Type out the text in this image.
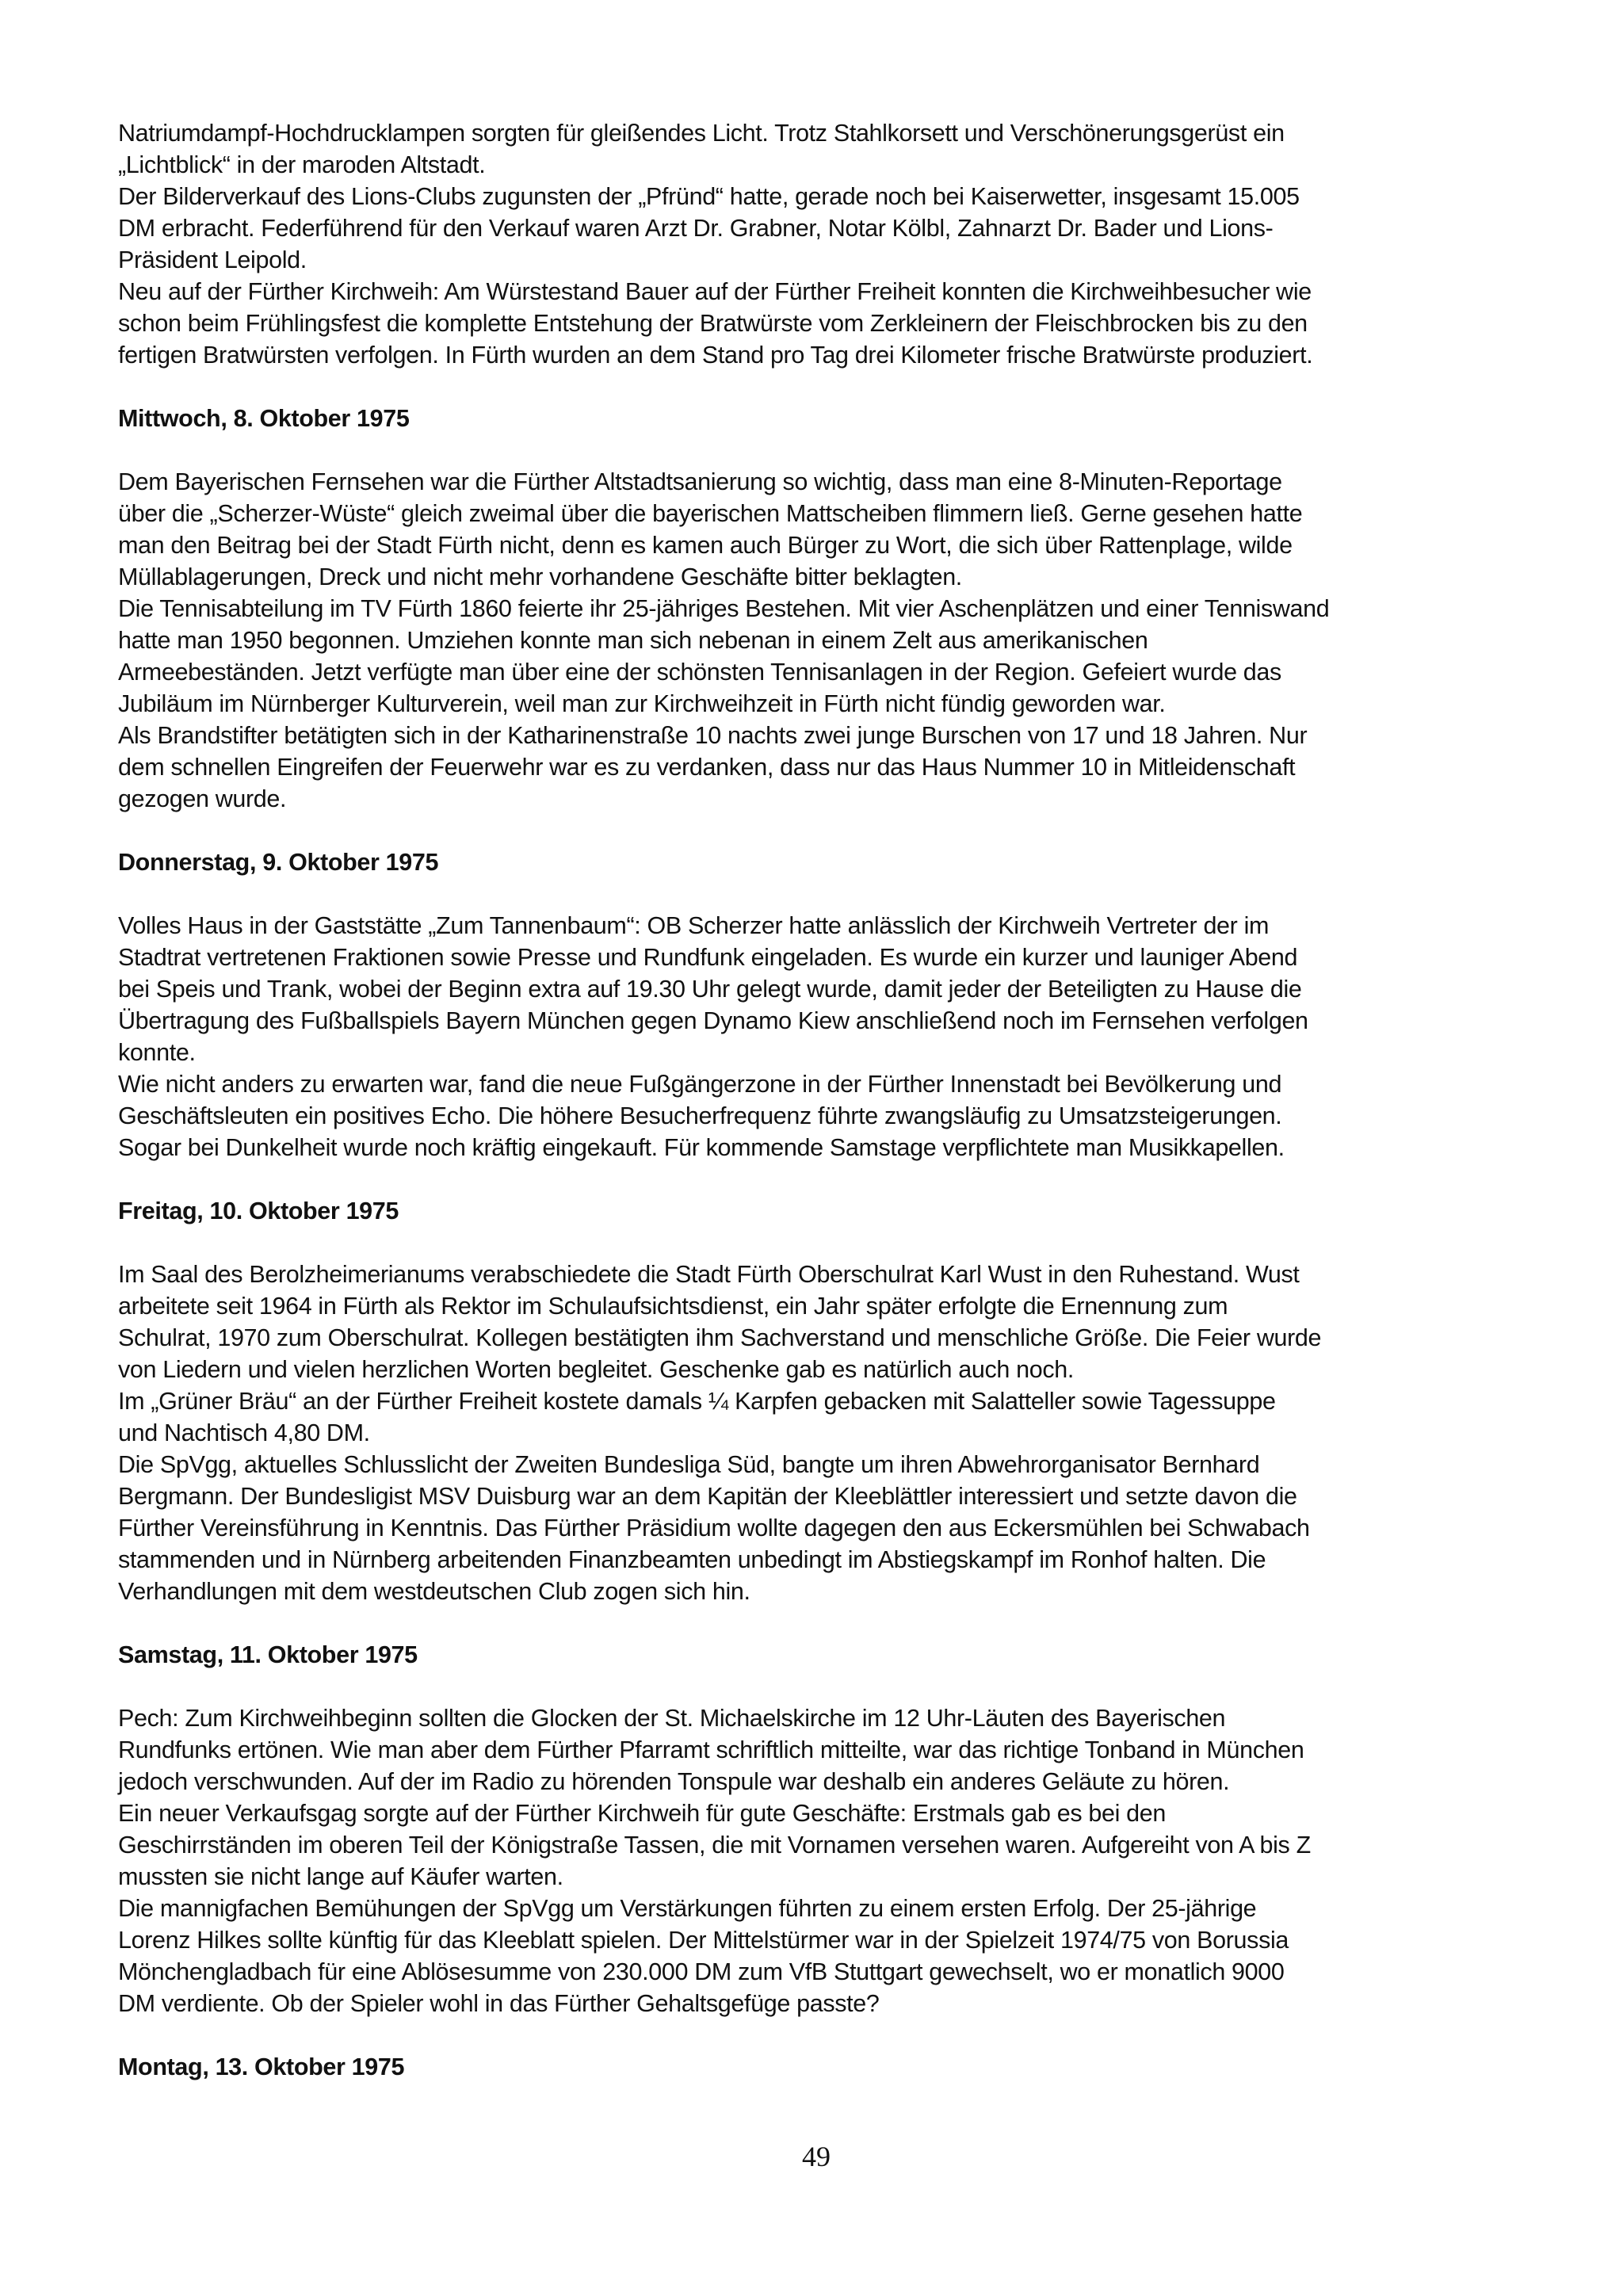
Natriumdampf-Hochdrucklampen sorgten für gleißendes Licht. Trotz Stahlkorsett und Verschönerungsgerüst ein
„Lichtblick“ in der maroden Altstadt.
Der Bilderverkauf des Lions-Clubs zugunsten der „Pfründ“ hatte, gerade noch bei Kaiserwetter, insgesamt 15.005
DM erbracht. Federführend für den Verkauf waren Arzt Dr. Grabner, Notar Kölbl, Zahnarzt Dr. Bader und Lions-
Präsident Leipold.
Neu auf der Fürther Kirchweih: Am Würstestand Bauer auf der Fürther Freiheit konnten die Kirchweihbesucher wie
schon beim Frühlingsfest die komplette Entstehung der Bratwürste vom Zerkleinern der Fleischbrocken bis zu den
fertigen Bratwürsten verfolgen. In Fürth wurden an dem Stand pro Tag drei Kilometer frische Bratwürste produziert.
Mittwoch, 8. Oktober 1975
Dem Bayerischen Fernsehen war die Fürther Altstadtsanierung so wichtig, dass man eine 8-Minuten-Reportage
über die „Scherzer-Wüste“ gleich zweimal über die bayerischen Mattscheiben flimmern ließ. Gerne gesehen hatte
man den Beitrag bei der Stadt Fürth nicht, denn es kamen auch Bürger zu Wort, die sich über Rattenplage, wilde
Müllablagerungen, Dreck und nicht mehr vorhandene Geschäfte bitter beklagten.
Die Tennisabteilung im TV Fürth 1860 feierte ihr 25-jähriges Bestehen. Mit vier Aschenplätzen und einer Tenniswand
hatte man 1950 begonnen. Umziehen konnte man sich nebenan in einem Zelt aus amerikanischen
Armeebeständen. Jetzt verfügte man über eine der schönsten Tennisanlagen in der Region. Gefeiert wurde das
Jubiläum im Nürnberger Kulturverein, weil man zur Kirchweihzeit in Fürth nicht fündig geworden war.
Als Brandstifter betätigten sich in der Katharinenstraße 10 nachts zwei junge Burschen von 17 und 18 Jahren. Nur
dem schnellen Eingreifen der Feuerwehr war es zu verdanken, dass nur das Haus Nummer 10 in Mitleidenschaft
gezogen wurde.
Donnerstag, 9. Oktober 1975
Volles Haus in der Gaststätte „Zum Tannenbaum“: OB Scherzer hatte anlässlich der Kirchweih Vertreter der im
Stadtrat vertretenen Fraktionen sowie Presse und Rundfunk eingeladen. Es wurde ein kurzer und launiger Abend
bei Speis und Trank, wobei der Beginn extra auf 19.30 Uhr gelegt wurde, damit jeder der Beteiligten zu Hause die
Übertragung des Fußballspiels Bayern München gegen Dynamo Kiew anschließend noch im Fernsehen verfolgen
konnte.
Wie nicht anders zu erwarten war, fand die neue Fußgängerzone in der Fürther Innenstadt bei Bevölkerung und
Geschäftsleuten ein positives Echo. Die höhere Besucherfrequenz führte zwangsläufig zu Umsatzsteigerungen.
Sogar bei Dunkelheit wurde noch kräftig eingekauft. Für kommende Samstage verpflichtete man Musikkapellen.
Freitag, 10. Oktober 1975
Im Saal des Berolzheimerianums verabschiedete die Stadt Fürth Oberschulrat Karl Wust in den Ruhestand. Wust
arbeitete seit 1964 in Fürth als Rektor im Schulaufsichtsdienst, ein Jahr später erfolgte die Ernennung zum
Schulrat, 1970 zum Oberschulrat. Kollegen bestätigten ihm Sachverstand und menschliche Größe. Die Feier wurde
von Liedern und vielen herzlichen Worten begleitet. Geschenke gab es natürlich auch noch.
Im „Grüner Bräu“ an der Fürther Freiheit kostete damals ¼ Karpfen gebacken mit Salatteller sowie Tagessuppe
und Nachtisch 4,80 DM.
Die SpVgg, aktuelles Schlusslicht der Zweiten Bundesliga Süd, bangte um ihren Abwehrorganisator Bernhard
Bergmann. Der Bundesligist MSV Duisburg war an dem Kapitän der Kleeblättler interessiert und setzte davon die
Fürther Vereinsführung in Kenntnis. Das Fürther Präsidium wollte dagegen den aus Eckersmühlen bei Schwabach
stammenden und in Nürnberg arbeitenden Finanzbeamten unbedingt im Abstiegskampf im Ronhof halten. Die
Verhandlungen mit dem westdeutschen Club zogen sich hin.
Samstag, 11. Oktober 1975
Pech: Zum Kirchweihbeginn sollten die Glocken der St. Michaelskirche im 12 Uhr-Läuten des Bayerischen
Rundfunks ertönen. Wie man aber dem Fürther Pfarramt schriftlich mitteilte, war das richtige Tonband in München
jedoch verschwunden. Auf der im Radio zu hörenden Tonspule war deshalb ein anderes Geläute zu hören.
Ein neuer Verkaufsgag sorgte auf der Fürther Kirchweih für gute Geschäfte: Erstmals gab es bei den
Geschirrständen im oberen Teil der Königstraße Tassen, die mit Vornamen versehen waren. Aufgereiht von A bis Z
mussten sie nicht lange auf Käufer warten.
Die mannigfachen Bemühungen der SpVgg um Verstärkungen führten zu einem ersten Erfolg. Der 25-jährige
Lorenz Hilkes sollte künftig für das Kleeblatt spielen. Der Mittelstürmer war in der Spielzeit 1974/75 von Borussia
Mönchengladbach für eine Ablösesumme von 230.000 DM zum VfB Stuttgart gewechselt, wo er monatlich 9000
DM verdiente. Ob der Spieler wohl in das Fürther Gehaltsgefüge passte?
Montag, 13. Oktober 1975
49
